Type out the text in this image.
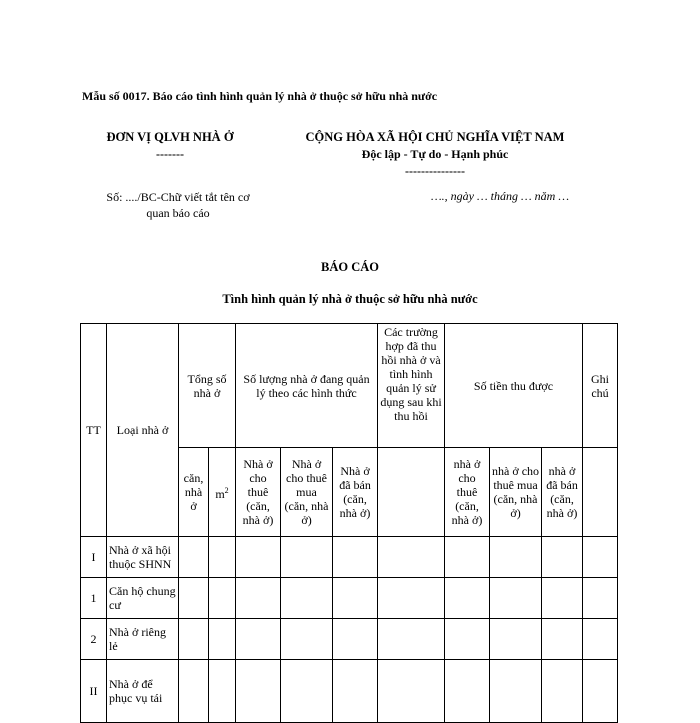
Mẫu số 0017. Báo cáo tình hình quản lý nhà ở thuộc sở hữu nhà nước
ĐƠN VỊ QLVH NHÀ Ở
-------
CỘNG HÒA XÃ HỘI CHỦ NGHĨA VIỆT NAM
Độc lập - Tự do - Hạnh phúc
---------------
Số: ..../BC-Chữ viết tắt tên cơ
quan báo cáo
…., ngày … tháng … năm …
BÁO CÁO
Tình hình quản lý nhà ở thuộc sở hữu nhà nước
TT	Loại nhà ở	Tổng số nhà ở		Số lượng nhà ở đang quản lý theo các hình thức			Các trường hợp đã thu hồi nhà ở và tình hình quản lý sử dụng sau khi thu hồi	Số tiền thu được			Ghi chú
		căn, nhà ở	$m^2$	Nhà ở cho thuê (căn, nhà ở)	Nhà ở cho thuê mua (căn, nhà ở)	Nhà ở đã bán (căn, nhà ở)		nhà ở cho thuê (căn, nhà ở)	nhà ở cho thuê mua (căn, nhà ở)	nhà ở đã bán (căn, nhà ở)	
I	Nhà ở xã hội thuộc SHNN										
1	Căn hộ chung cư										
2	Nhà ở riêng lẻ										
II	Nhà ở để phục vụ tái										
